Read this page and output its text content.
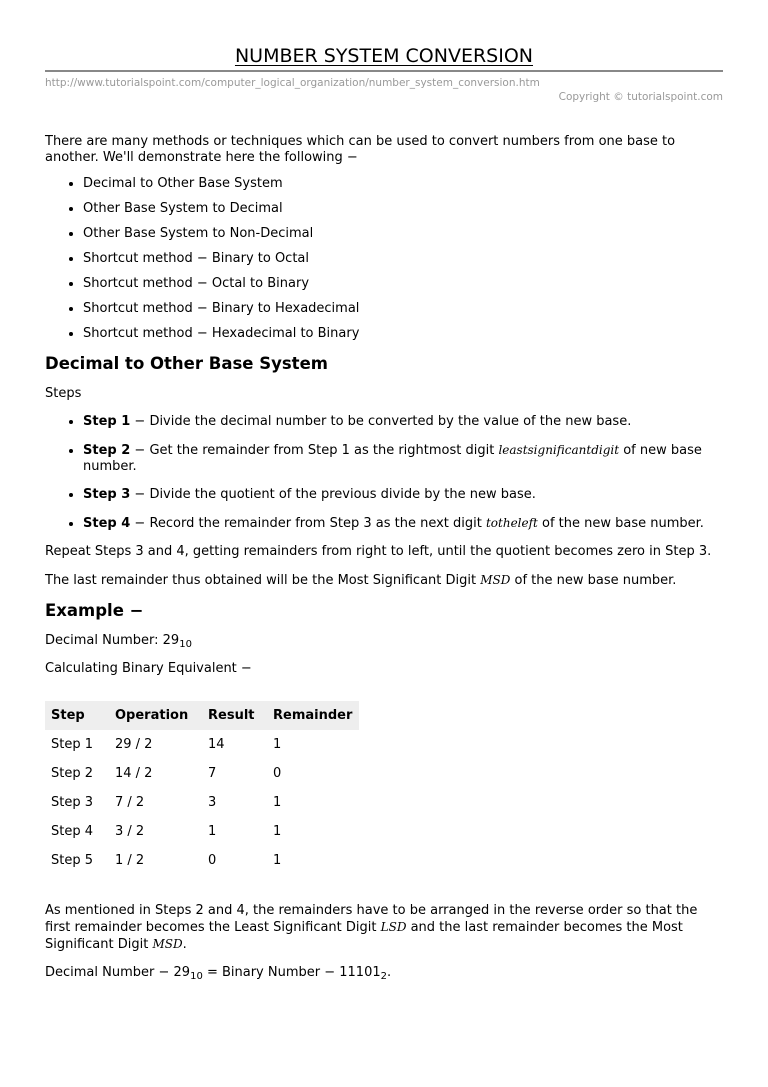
NUMBER SYSTEM CONVERSION
http://www.tutorialspoint.com/computer_logical_organization/number_system_conversion.htm
Copyright © tutorialspoint.com

There are many methods or techniques which can be used to convert numbers from one base to another. We'll demonstrate here the following −

• Decimal to Other Base System
• Other Base System to Decimal
• Other Base System to Non-Decimal
• Shortcut method − Binary to Octal
• Shortcut method − Octal to Binary
• Shortcut method − Binary to Hexadecimal
• Shortcut method − Hexadecimal to Binary
Decimal to Other Base System

Steps

• Step 1 − Divide the decimal number to be converted by the value of the new base.
• Step 2 − Get the remainder from Step 1 as the rightmost digit leastsignificantdigit of new base number.
• Step 3 − Divide the quotient of the previous divide by the new base.
• Step 4 − Record the remainder from Step 3 as the next digit totheleft of the new base number.

Repeat Steps 3 and 4, getting remainders from right to left, until the quotient becomes zero in Step 3.

The last remainder thus obtained will be the Most Significant Digit MSD of the new base number.

Example −

Decimal Number: $29_{10}$

Calculating Binary Equivalent −

Step	Operation	Result	Remainder
Step 1	29 / 2	14	1
Step 2	14 / 2	7	0
Step 3	7 / 2	3	1
Step 4	3 / 2	1	1
Step 5	1 / 2	0	1

As mentioned in Steps 2 and 4, the remainders have to be arranged in the reverse order so that the first remainder becomes the Least Significant Digit LSD and the last remainder becomes the Most Significant Digit MSD.

Decimal Number − $29_{10}$ = Binary Number − $11101_2$.
